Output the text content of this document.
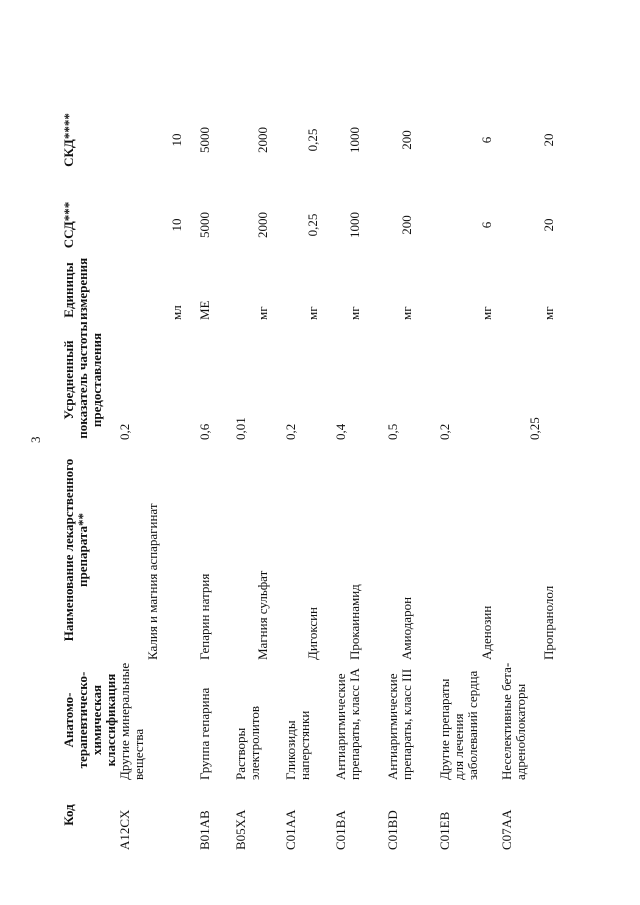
3
Код	Анатомо-терапевтическо-химическая классификация	Наименование лекарственного препарата**	Усредненный показатель частоты предоставления	Единицы измерения	ССД***	СКД****
A12CX	Другие минеральные вещества	Калия и магния аспарагинат	0,2	мл	10	10
B01AB	Группа гепарина	Гепарин натрия	0,6	МЕ	5000	5000
B05XA	Растворы электролитов	Магния сульфат	0,01	мг	2000	2000
C01AA	Гликозиды наперстянки	Дигоксин	0,2	мг	0,25	0,25
C01BA	Антиаритмические препараты, класс IA	Прокаинамид	0,4	мг	1000	1000
C01BD	Антиаритмические препараты, класс III	Амиодарон	0,5	мг	200	200
C01EB	Другие препараты для лечения заболеваний сердца	Аденозин	0,2	мг	6	6
C07AA	Неселективные бета-адреноблокаторы	Пропранолол	0,25	мг	20	20
